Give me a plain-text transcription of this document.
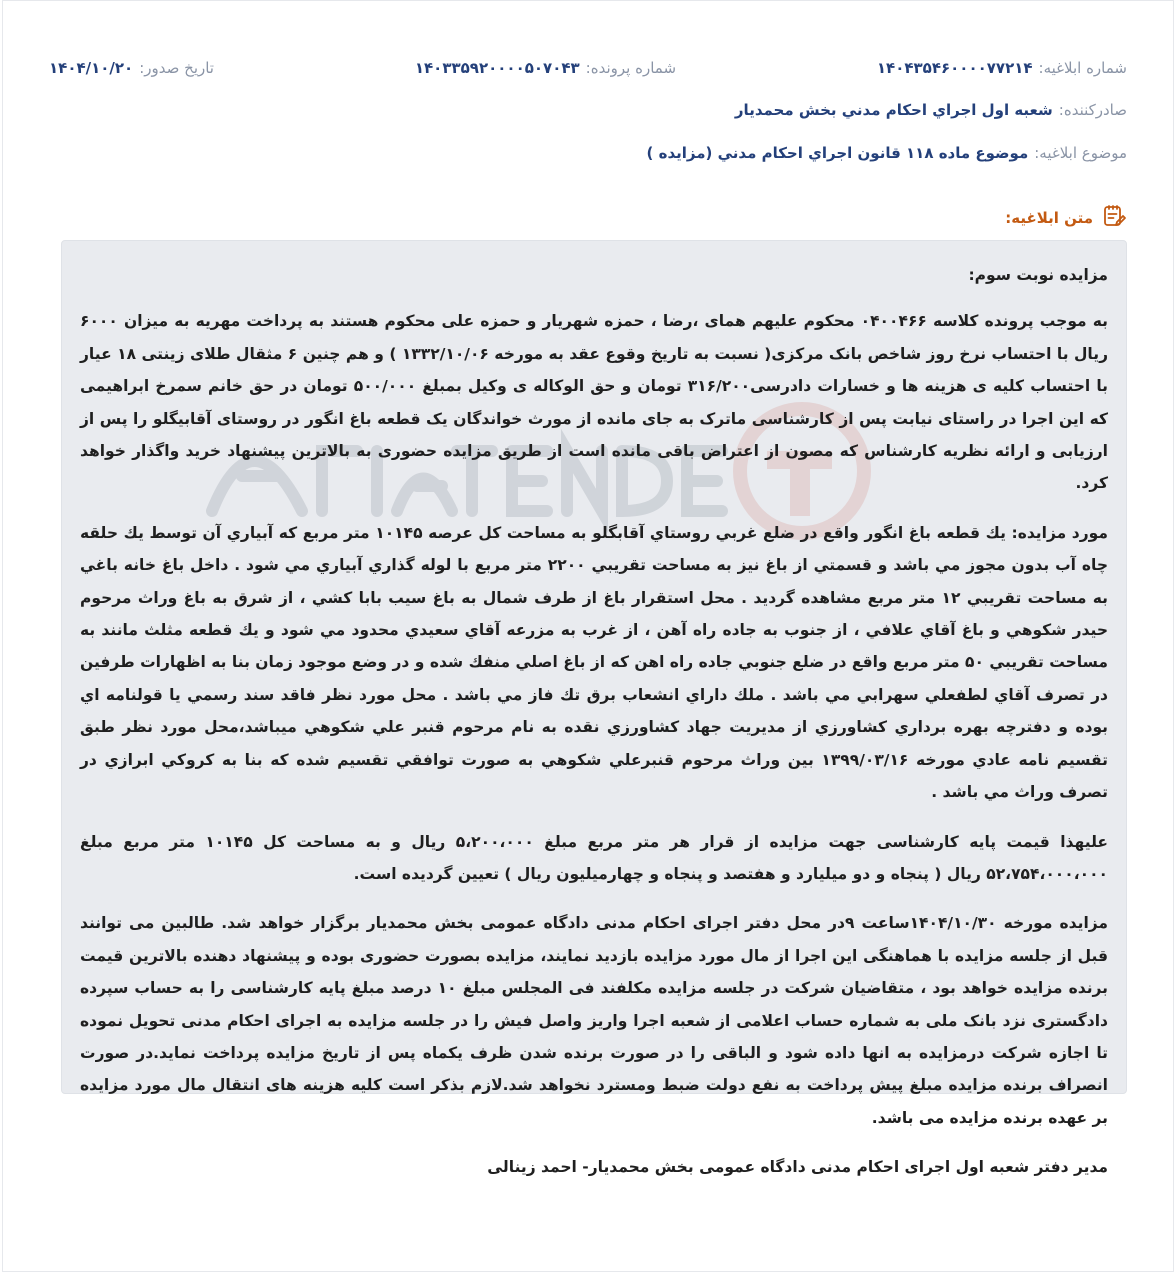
شماره ابلاغیه:
۱۴۰۴۳۵۴۶۰۰۰۰۷۷۲۱۴
شماره پرونده:
۱۴۰۳۳۵۹۲۰۰۰۰۵۰۷۰۴۳
تاریخ صدور:
۱۴۰۴/۱۰/۲۰
صادرکننده:
شعبه اول اجراي احكام مدني بخش محمديار
موضوع ابلاغیه:
موضوع ماده ۱۱۸ قانون اجراي احكام مدني (مزايده )
متن ابلاغیه:

مزایده نوبت سوم:

به موجب پرونده کلاسه ۰۴۰۰۴۶۶ محکوم علیهم همای ،رضا ، حمزه شهریار و حمزه علی محکوم هستند به پرداخت مهریه به میزان ۶۰۰۰ ریال با احتساب نرخ روز شاخص بانک مرکزی( نسبت به تاریخ وقوع عقد به مورخه ۱۳۳۲/۱۰/۰۶ ) و هم چنین ۶ مثقال طلای زینتی ۱۸ عیار با احتساب کلیه ی هزینه ها و خسارات دادرسی۳۱۶/۲۰۰ تومان و حق الوکاله ی وکیل بمبلغ ۵۰۰/۰۰۰ تومان در حق خانم سمرخ ابراهیمی که این اجرا در راستای نیابت پس از کارشناسی ماترک به جای مانده از مورث خواندگان یک قطعه باغ انگور در روستای آقابیگلو را پس از ارزیابی و ارائه نظریه کارشناس که مصون از اعتراض باقی مانده است از طریق مزایده حضوری به بالاترین پیشنهاد خرید واگذار خواهد کرد.

مورد مزایده: يك قطعه باغ انگور واقع در ضلع غربي روستاي آقابگلو به مساحت كل عرصه ۱۰۱۴۵ متر مربع كه آبياري آن توسط يك حلقه چاه آب بدون مجوز مي باشد و قسمتي از باغ نيز به مساحت تقريبي ۲۲۰۰ متر مربع با لوله گذاري آبياري مي شود . داخل باغ خانه باغي به مساحت تقريبي ۱۲ متر مربع مشاهده گرديد . محل استقرار باغ از طرف شمال به باغ سيب بابا كشي ، از شرق به باغ وراث مرحوم حيدر شكوهي و باغ آقاي علافي ، از جنوب به جاده راه آهن ، از غرب به مزرعه آقاي سعيدي محدود مي شود و يك قطعه مثلث مانند به مساحت تقريبي ۵۰ متر مربع واقع در ضلع جنوبي جاده راه اهن كه از باغ اصلي منفك شده و در وضع موجود زمان بنا به اظهارات طرفين در تصرف آقاي لطفعلي سهرابي مي باشد . ملك داراي انشعاب برق تك فاز مي باشد . محل مورد نظر فاقد سند رسمي يا قولنامه اي بوده و دفترچه بهره برداري كشاورزي از مديريت جهاد كشاورزي نقده به نام مرحوم قنبر علي شكوهي ميباشد،محل مورد نظر طبق تقسيم نامه عادي مورخه ۱۳۹۹/۰۳/۱۶ بين وراث مرحوم قنبرعلي شكوهي به صورت توافقي تقسيم شده كه بنا به كروكي ابرازي در تصرف وراث مي باشد .

علیهذا قیمت پایه کارشناسی جهت مزایده از قرار هر متر مربع مبلغ ۵،۲۰۰،۰۰۰ ریال و به مساحت کل ۱۰۱۴۵ متر مربع مبلغ ۵۲،۷۵۴،۰۰۰،۰۰۰ ریال ( پنجاه و دو میلیارد و هفتصد و پنجاه و چهارمیلیون ریال ) تعیین گردیده است.

مزایده مورخه ۱۴۰۴/۱۰/۳۰ساعت ۹در محل دفتر اجرای احکام مدنی دادگاه عمومی بخش محمدیار برگزار خواهد شد. طالبین می توانند قبل از جلسه مزایده با هماهنگی این اجرا از مال مورد مزایده بازدید نمایند، مزایده بصورت حضوری بوده و پیشنهاد دهنده بالاترین قیمت برنده مزایده خواهد بود ، متقاضیان شرکت در جلسه مزایده مکلفند فی المجلس مبلغ ۱۰ درصد مبلغ پایه کارشناسی را به حساب سپرده دادگستری نزد بانک ملی به شماره حساب اعلامی از شعبه اجرا واریز واصل فیش را در جلسه مزایده به اجرای احکام مدنی تحویل نموده تا اجازه شرکت درمزایده به انها داده شود و الباقی را در صورت برنده شدن ظرف یکماه پس از تاریخ مزایده پرداخت نماید.در صورت انصراف برنده مزایده مبلغ پیش پرداخت به نفع دولت ضبط ومسترد نخواهد شد.لازم بذکر است کلیه هزینه های انتقال مال مورد مزایده بر عهده برنده مزایده می باشد.

مدیر دفتر شعبه اول اجرای احکام مدنی دادگاه عمومی بخش محمدیار- احمد زینالی
